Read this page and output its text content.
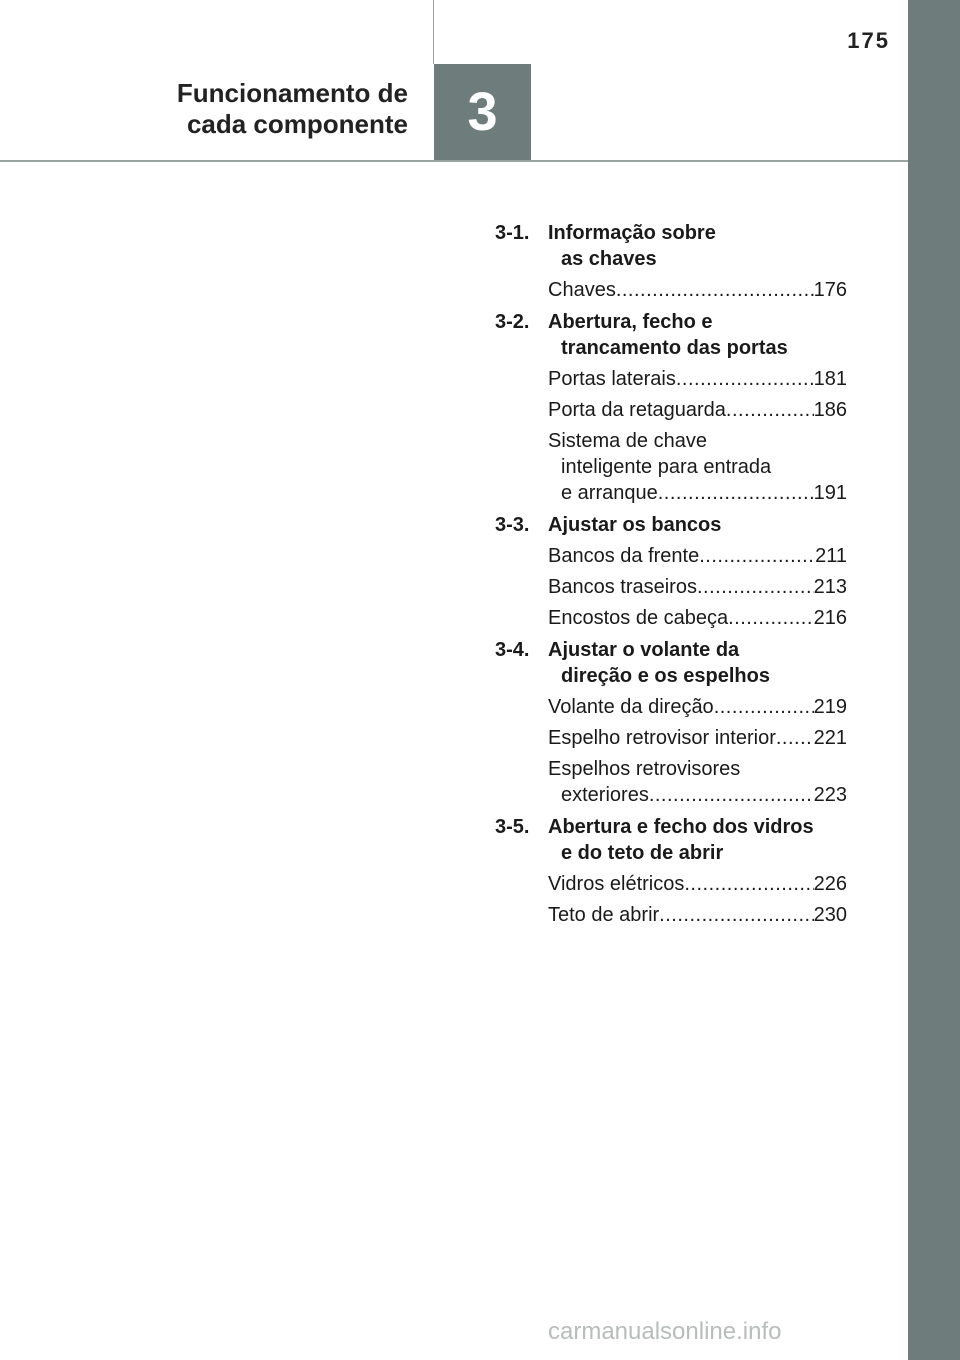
3
175
Funcionamento de
cada componente
3-1. Informação sobre
as chaves
Chaves .....	176
3-2. Abertura, fecho e
trancamento das portas
Portas laterais .....	181
Porta da retaguarda .....	186
Sistema de chave
inteligente para entrada
e arranque .....	191
3-3. Ajustar os bancos
Bancos da frente .....	211
Bancos traseiros .....	213
Encostos de cabeça .....	216
3-4. Ajustar o volante da
direção e os espelhos
Volante da direção .....	219
Espelho retrovisor interior ..... 221
Espelhos retrovisores
exteriores .....	223
3-5. Abertura e fecho dos vidros
e do teto de abrir
Vidros elétricos .....	226
Teto de abrir .....	230
carmanualsonline.info
